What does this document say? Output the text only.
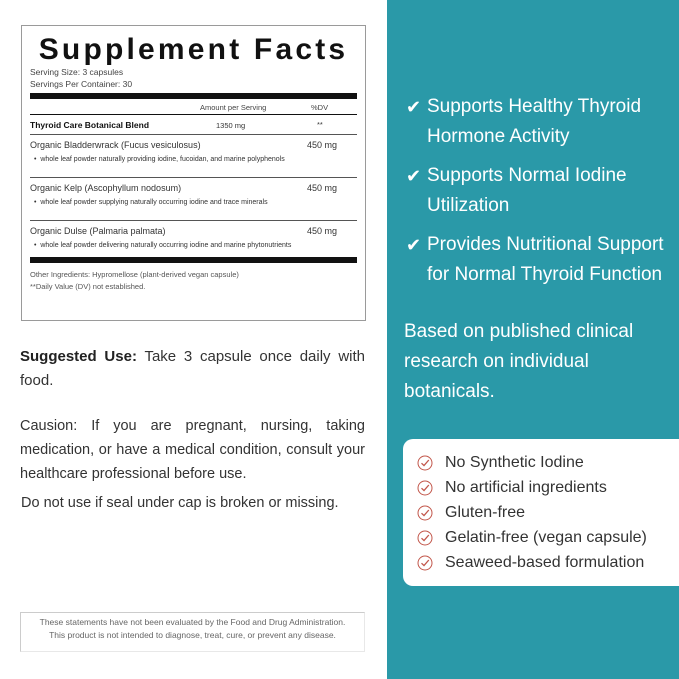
Supplement Facts
Serving Size: 3 capsules
Servings Per Container: 30
Amount per Serving	%DV
Thyroid Care Botanical Blend	1350 mg	**
Organic Bladderwrack (Fucus vesiculosus)	450 mg
•  whole leaf powder naturally providing iodine, fucoidan, and marine polyphenols
Organic Kelp (Ascophyllum nodosum)	450 mg
•  whole leaf powder supplying naturally occurring iodine and trace minerals
Organic Dulse (Palmaria palmata)	450 mg
•  whole leaf powder delivering naturally occurring iodine and marine phytonutrients
Other Ingredients: Hypromellose (plant-derived vegan capsule)
**Daily Value (DV) not established.
Suggested Use: Take 3 capsule once daily with food.
Causion: If you are pregnant, nursing, taking medication, or have a medical condition, consult your healthcare professional before use.
Do not use if seal under cap is broken or missing.
These statements have not been evaluated by the Food and Drug Administration.
This product is not intended to diagnose, treat, cure, or prevent any disease.
✔ Supports Healthy Thyroid Hormone Activity
✔ Supports Normal Iodine Utilization
✔ Provides Nutritional Support for Normal Thyroid Function
Based on published clinical research on individual botanicals.
No Synthetic Iodine
No artificial ingredients
Gluten-free
Gelatin-free (vegan capsule)
Seaweed-based formulation
